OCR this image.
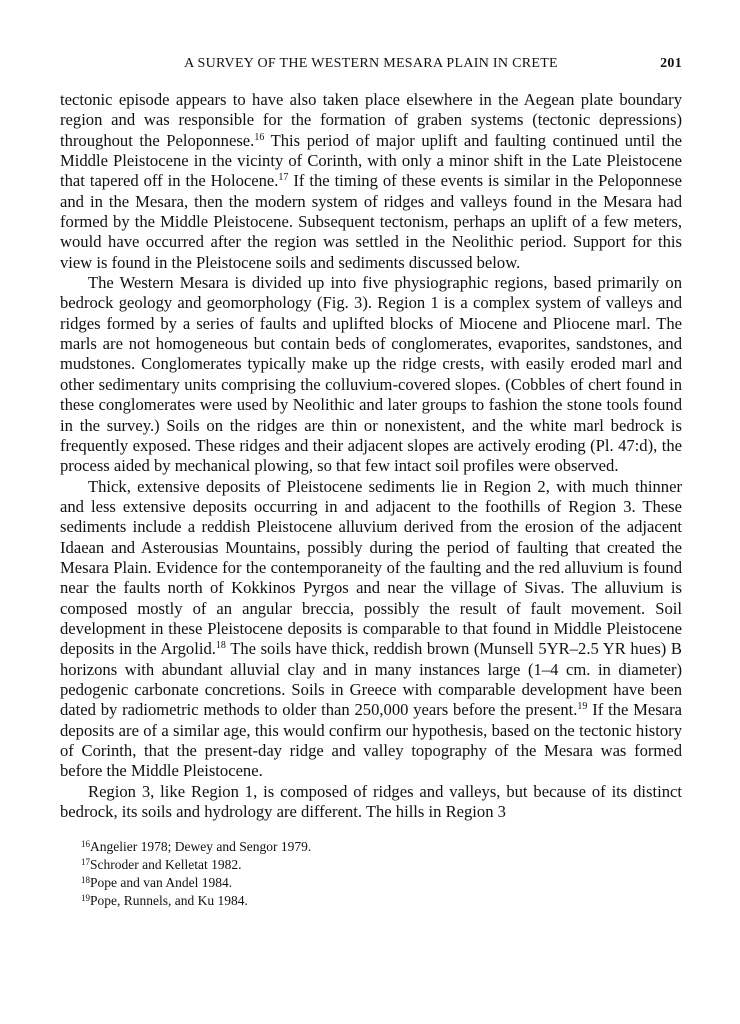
A SURVEY OF THE WESTERN MESARA PLAIN IN CRETE	201

tectonic episode appears to have also taken place elsewhere in the Aegean plate boundary region and was responsible for the formation of graben systems (tectonic depressions) throughout the Peloponnese.$^{16}$ This period of major uplift and faulting continued until the Middle Pleistocene in the vicinty of Corinth, with only a minor shift in the Late Pleistocene that tapered off in the Holocene.$^{17}$ If the timing of these events is similar in the Peloponnese and in the Mesara, then the modern system of ridges and valleys found in the Mesara had formed by the Middle Pleistocene. Subsequent tectonism, perhaps an uplift of a few meters, would have occurred after the region was settled in the Neolithic period. Support for this view is found in the Pleistocene soils and sediments discussed below.

The Western Mesara is divided up into five physiographic regions, based primarily on bedrock geology and geomorphology (Fig. 3). Region 1 is a complex system of valleys and ridges formed by a series of faults and uplifted blocks of Miocene and Pliocene marl. The marls are not homogeneous but contain beds of conglomerates, evaporites, sandstones, and mudstones. Conglomerates typically make up the ridge crests, with easily eroded marl and other sedimentary units comprising the colluvium-covered slopes. (Cobbles of chert found in these conglomerates were used by Neolithic and later groups to fashion the stone tools found in the survey.) Soils on the ridges are thin or nonexistent, and the white marl bedrock is frequently exposed. These ridges and their adjacent slopes are actively eroding (Pl. 47:d), the process aided by mechanical plowing, so that few intact soil profiles were observed.

Thick, extensive deposits of Pleistocene sediments lie in Region 2, with much thinner and less extensive deposits occurring in and adjacent to the foothills of Region 3. These sediments include a reddish Pleistocene alluvium derived from the erosion of the adjacent Idaean and Asterousias Mountains, possibly during the period of faulting that created the Mesara Plain. Evidence for the contemporaneity of the faulting and the red alluvium is found near the faults north of Kokkinos Pyrgos and near the village of Sivas. The alluvium is composed mostly of an angular breccia, possibly the result of fault movement. Soil development in these Pleistocene deposits is comparable to that found in Middle Pleistocene deposits in the Argolid.$^{18}$ The soils have thick, reddish brown (Munsell 5YR–2.5 YR hues) B horizons with abundant alluvial clay and in many instances large (1–4 cm. in diameter) pedogenic carbonate concretions. Soils in Greece with comparable development have been dated by radiometric methods to older than 250,000 years before the present.$^{19}$ If the Mesara deposits are of a similar age, this would confirm our hypothesis, based on the tectonic history of Corinth, that the present-day ridge and valley topography of the Mesara was formed before the Middle Pleistocene.

Region 3, like Region 1, is composed of ridges and valleys, but because of its distinct bedrock, its soils and hydrology are different. The hills in Region 3

$^{16}$Angelier 1978; Dewey and Sengor 1979.
$^{17}$Schroder and Kelletat 1982.
$^{18}$Pope and van Andel 1984.
$^{19}$Pope, Runnels, and Ku 1984.
